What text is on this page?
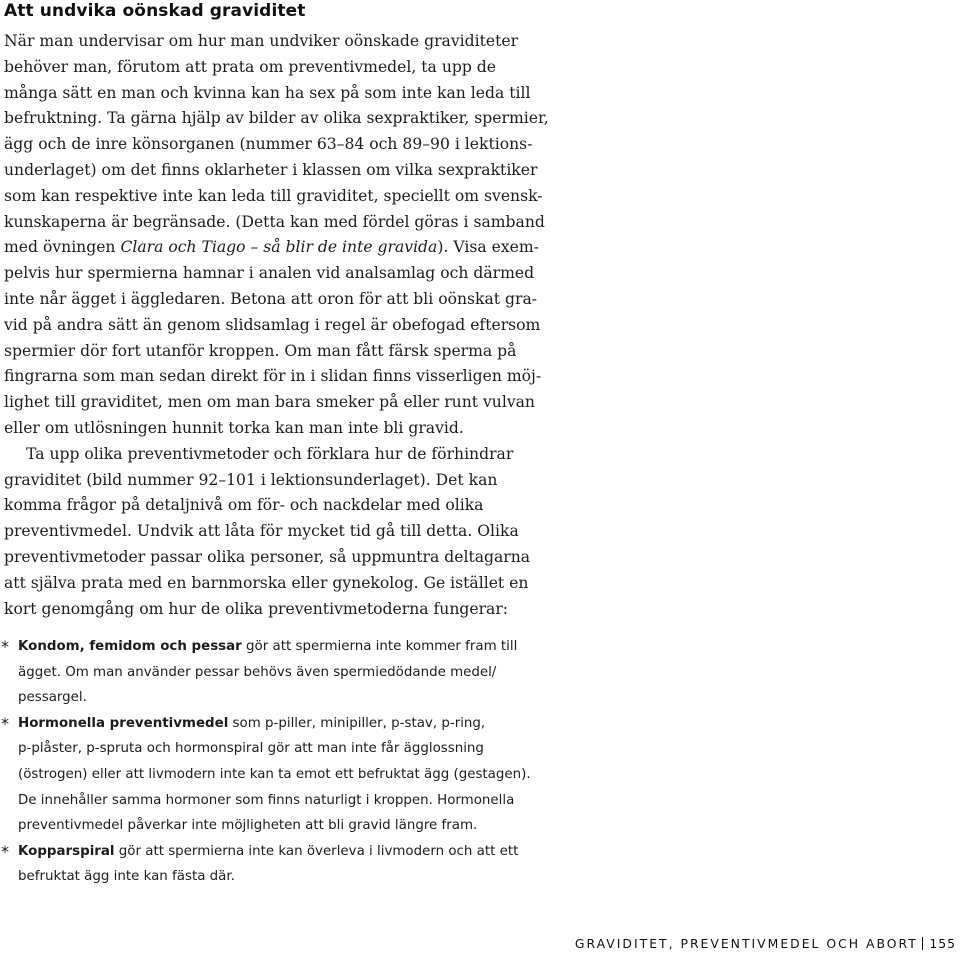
Att undvika oönskad graviditet

När man undervisar om hur man undviker oönskade graviditeter
behöver man, förutom att prata om preventivmedel, ta upp de
många sätt en man och kvinna kan ha sex på som inte kan leda till
befruktning. Ta gärna hjälp av bilder av olika sexpraktiker, spermier,
ägg och de inre könsorganen (nummer 63–84 och 89–90 i lektions-
underlaget) om det finns oklarheter i klassen om vilka sexpraktiker
som kan respektive inte kan leda till graviditet, speciellt om svensk-
kunskaperna är begränsade. (Detta kan med fördel göras i samband
med övningen Clara och Tiago – så blir de inte gravida). Visa exem-
pelvis hur spermierna hamnar i analen vid analsamlag och därmed
inte når ägget i äggledaren. Betona att oron för att bli oönskat gra-
vid på andra sätt än genom slidsamlag i regel är obefogad eftersom
spermier dör fort utanför kroppen. Om man fått färsk sperma på
fingrarna som man sedan direkt för in i slidan finns visserligen möj-
lighet till graviditet, men om man bara smeker på eller runt vulvan
eller om utlösningen hunnit torka kan man inte bli gravid.

Ta upp olika preventivmetoder och förklara hur de förhindrar
graviditet (bild nummer 92–101 i lektionsunderlaget). Det kan
komma frågor på detaljnivå om för- och nackdelar med olika
preventivmedel. Undvik att låta för mycket tid gå till detta. Olika
preventivmetoder passar olika personer, så uppmuntra deltagarna
att själva prata med en barnmorska eller gynekolog. Ge istället en
kort genomgång om hur de olika preventivmetoderna fungerar:

* Kondom, femidom och pessar gör att spermierna inte kommer fram till
ägget. Om man använder pessar behövs även spermiedödande medel/
pessargel.
* Hormonella preventivmedel som p-piller, minipiller, p-stav, p-ring,
p-plåster, p-spruta och hormonspiral gör att man inte får ägglossning
(östrogen) eller att livmodern inte kan ta emot ett befruktat ägg (gestagen).
De innehåller samma hormoner som finns naturligt i kroppen. Hormonella
preventivmedel påverkar inte möjligheten att bli gravid längre fram.
* Kopparspiral gör att spermierna inte kan överleva i livmodern och att ett
befruktat ägg inte kan fästa där.
GRAVIDITET, PREVENTIVMEDEL OCH ABORT 155
